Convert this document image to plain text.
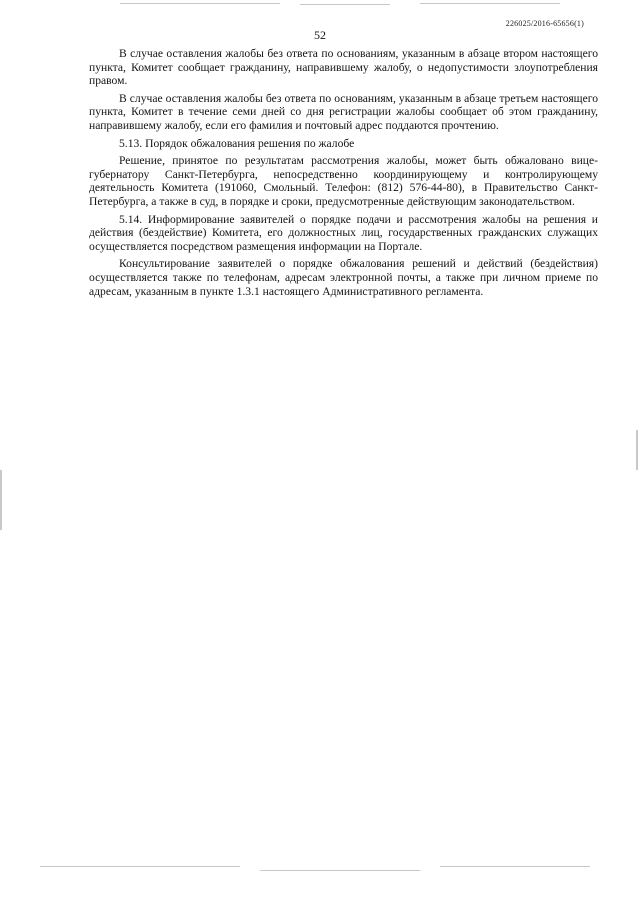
226025/2016-65656(1)
52

В случае оставления жалобы без ответа по основаниям, указанным в абзаце втором настоящего пункта, Комитет сообщает гражданину, направившему жалобу, о недопустимости злоупотребления правом.

В случае оставления жалобы без ответа по основаниям, указанным в абзаце третьем настоящего пункта, Комитет в течение семи дней со дня регистрации жалобы сообщает об этом гражданину, направившему жалобу, если его фамилия и почтовый адрес поддаются прочтению.

5.13. Порядок обжалования решения по жалобе

Решение, принятое по результатам рассмотрения жалобы, может быть обжаловано вице-губернатору Санкт-Петербурга, непосредственно координирующему и контролирующему деятельность Комитета (191060, Смольный. Телефон: (812) 576-44-80), в Правительство Санкт-Петербурга, а также в суд, в порядке и сроки, предусмотренные действующим законодательством.

5.14. Информирование заявителей о порядке подачи и рассмотрения жалобы на решения и действия (бездействие) Комитета, его должностных лиц, государственных гражданских служащих осуществляется посредством размещения информации на Портале.

Консультирование заявителей о порядке обжалования решений и действий (бездействия) осуществляется также по телефонам, адресам электронной почты, а также при личном приеме по адресам, указанным в пункте 1.3.1 настоящего Административного регламента.
